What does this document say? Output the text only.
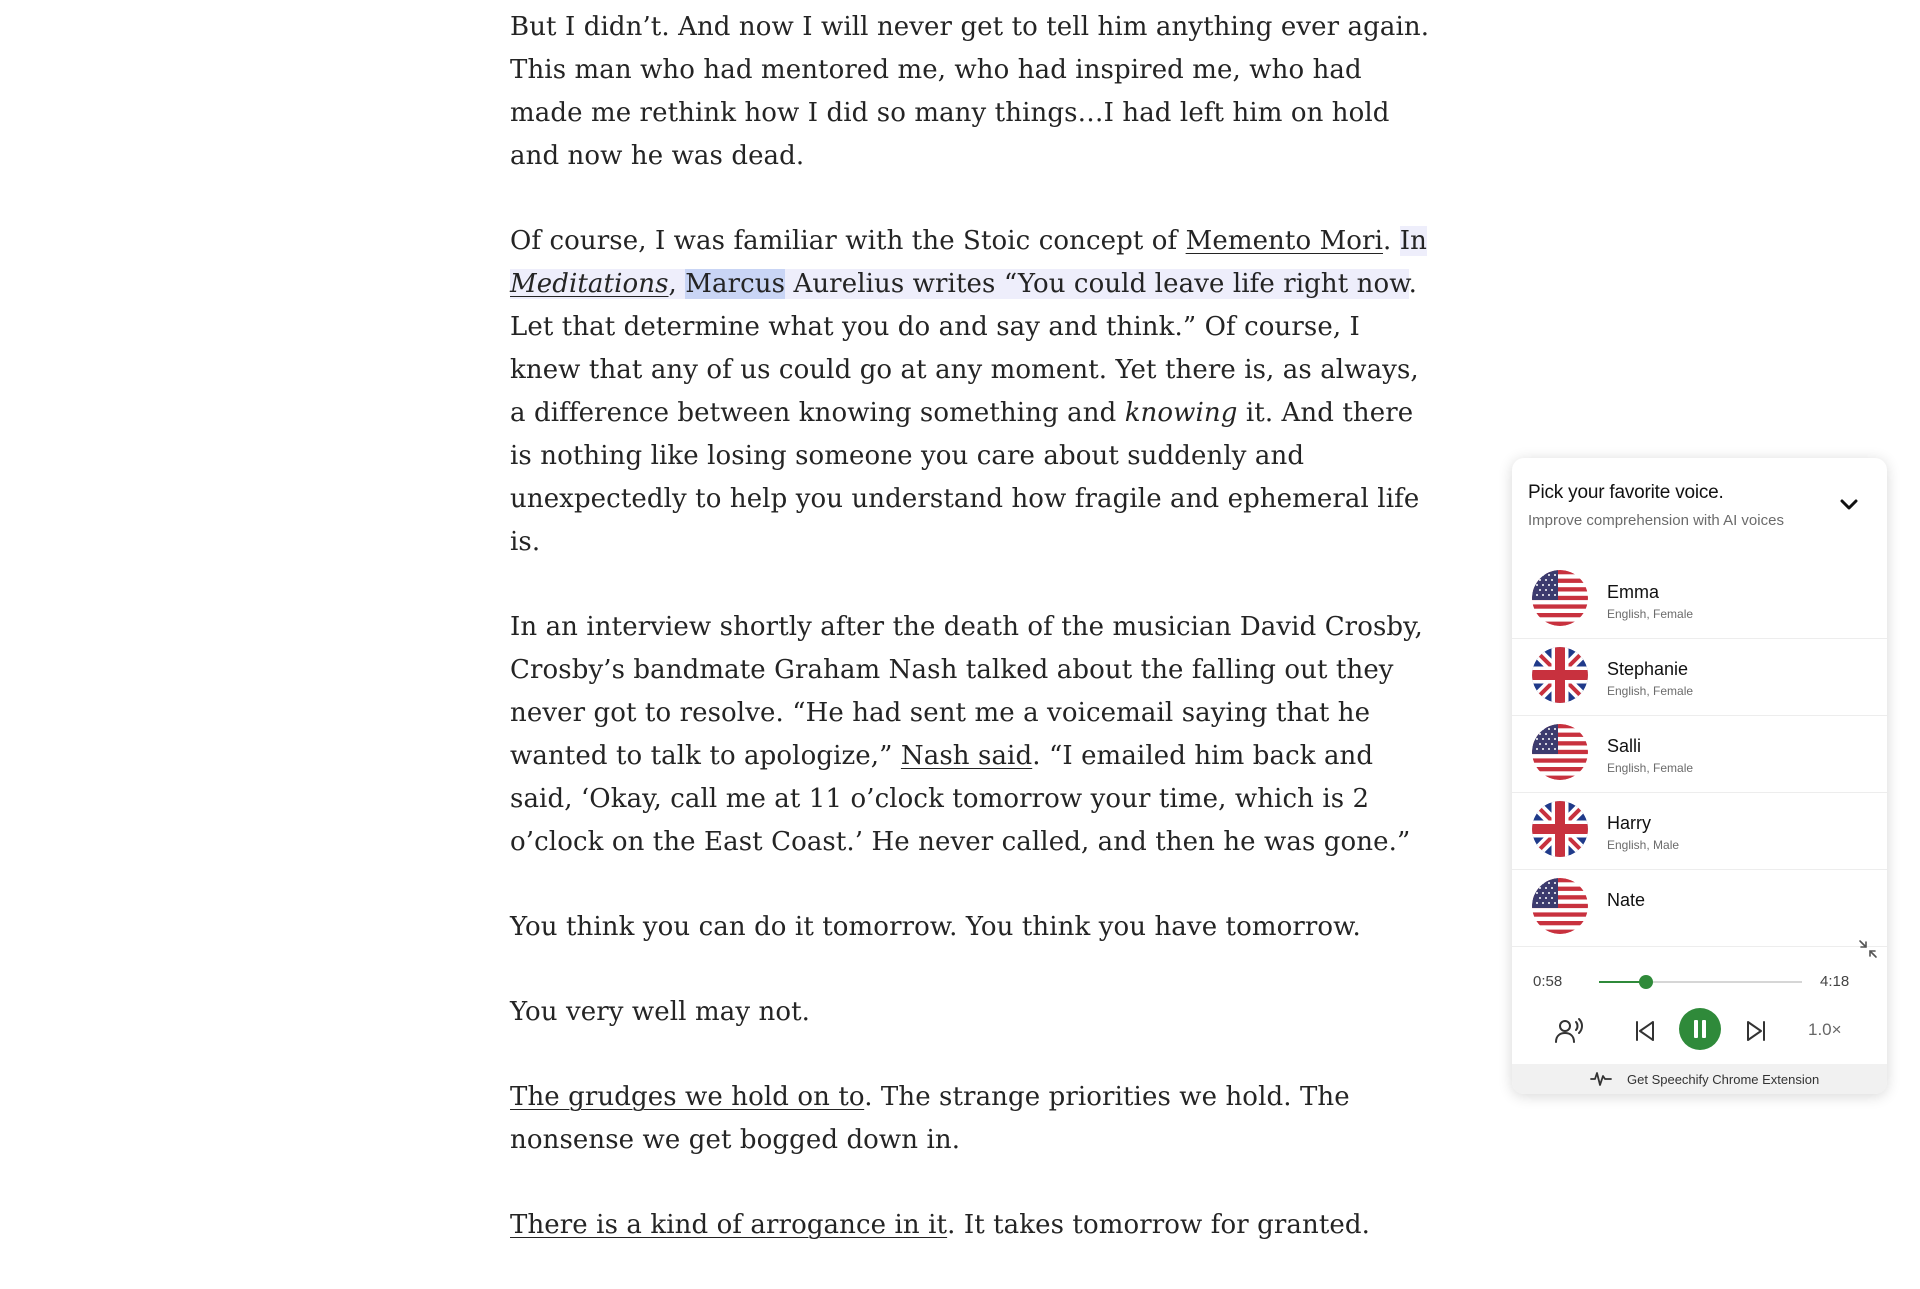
But I didn’t. And now I will never get to tell him anything ever again. This man who had mentored me, who had inspired me, who had made me rethink how I did so many things…I had left him on hold and now he was dead.

Of course, I was familiar with the Stoic concept of Memento Mori. In Meditations, Marcus Aurelius writes “You could leave life right now. Let that determine what you do and say and think.” Of course, I knew that any of us could go at any moment. Yet there is, as always, a difference between knowing something and knowing it. And there is nothing like losing someone you care about suddenly and unexpectedly to help you understand how fragile and ephemeral life is.

In an interview shortly after the death of the musician David Crosby, Crosby’s bandmate Graham Nash talked about the falling out they never got to resolve. “He had sent me a voicemail saying that he wanted to talk to apologize,” Nash said. “I emailed him back and said, ‘Okay, call me at 11 o’clock tomorrow your time, which is 2 o’clock on the East Coast.’ He never called, and then he was gone.”

You think you can do it tomorrow. You think you have tomorrow.

You very well may not.

The grudges we hold on to. The strange priorities we hold. The nonsense we get bogged down in.

There is a kind of arrogance in it. It takes tomorrow for granted.

Pick your favorite voice.
Improve comprehension with AI voices
Emma
English, Female
Stephanie
English, Female
Salli
English, Female
Harry
English, Male
Nate
0:58	4:18
1.0×
Get Speechify Chrome Extension
